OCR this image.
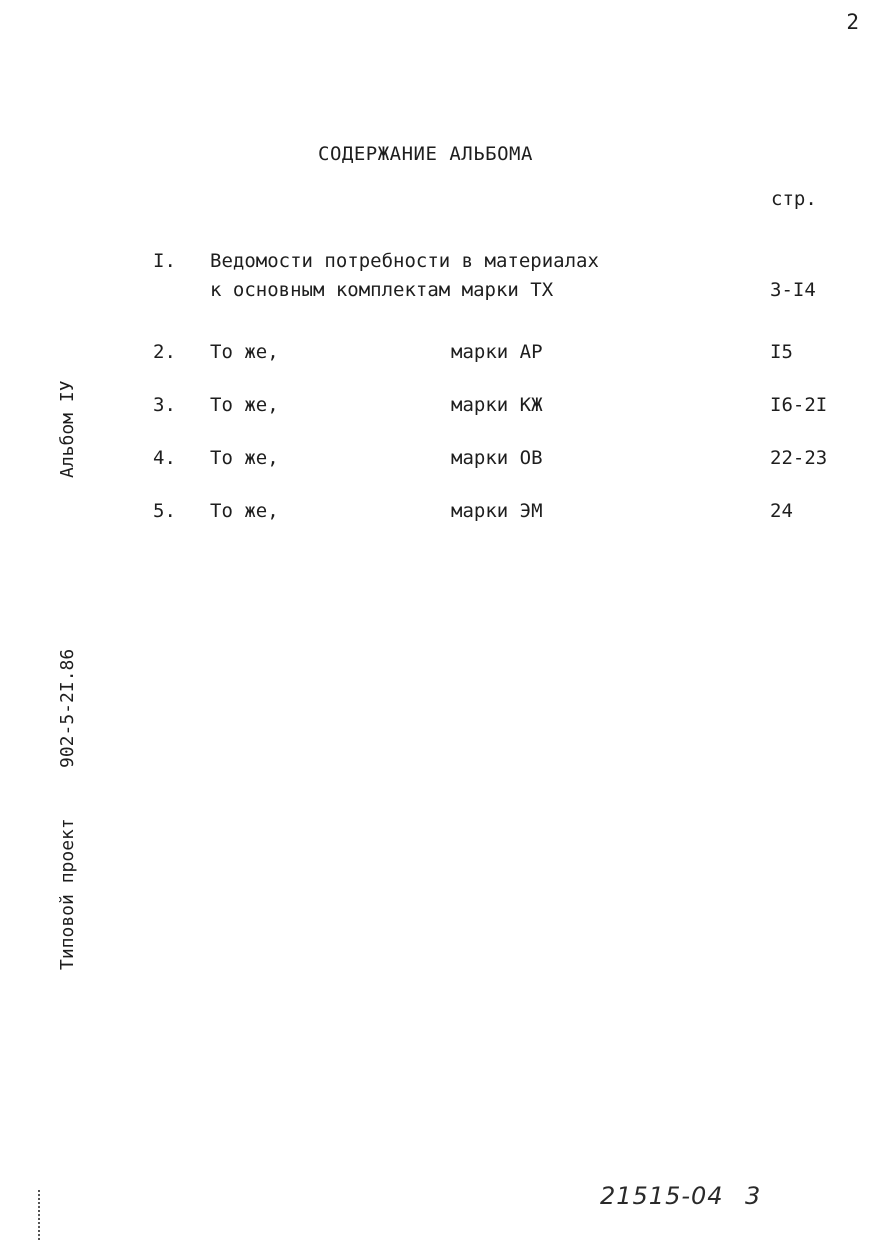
2
СОДЕРЖАНИЕ АЛЬБОМА
стр.
I. Ведомости потребности в материалах
к основным комплектам марки ТХ	3-I4
2. То же,	марки АР	I5
3. То же,	марки КЖ	I6-2I
4. То же,	марки ОВ	22-23
5. То же,	марки ЭМ	24
Альбом IУ
902-5-2I.86
Типовой проект
21515-04 3
